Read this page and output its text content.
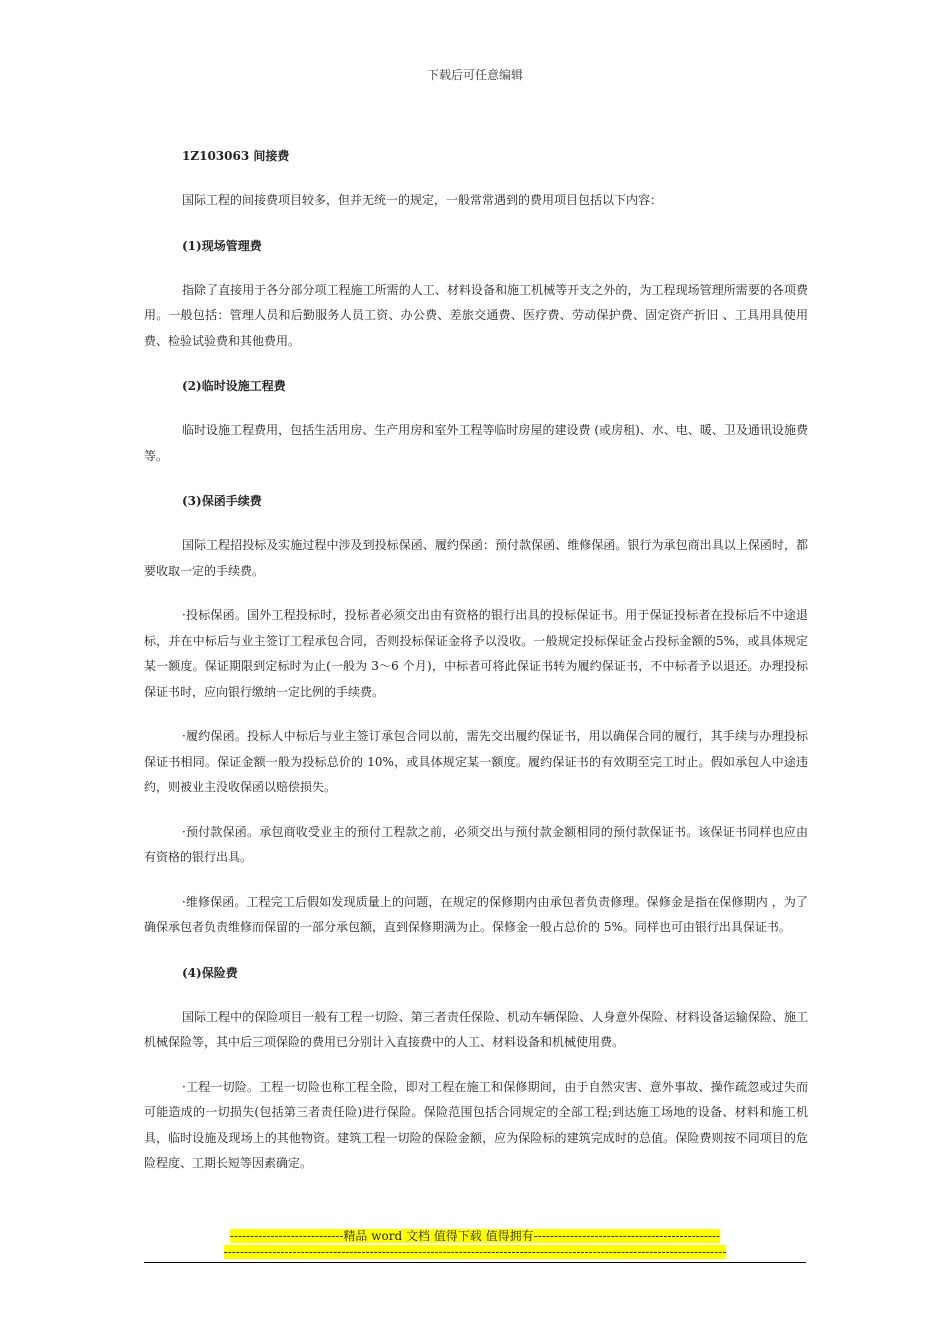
下载后可任意编辑
1Z103063 间接费

国际工程的间接费项目较多，但并无统一的规定，一般常常遇到的费用项目包括以下内容：

(1)现场管理费

指除了直接用于各分部分项工程施工所需的人工、材料设备和施工机械等开支之外的，为工程现场管理所需要的各项费用。一般包括：管理人员和后勤服务人员工资、办公费、差旅交通费、医疗费、劳动保护费、固定资产折旧 、工具用具使用费、检验试验费和其他费用。

(2)临时设施工程费

临时设施工程费用，包括生活用房、生产用房和室外工程等临时房屋的建设费 (或房租)、水、电、暖、卫及通讯设施费等。

(3)保函手续费

国际工程招投标及实施过程中涉及到投标保函、履约保函：预付款保函、维修保函。银行为承包商出具以上保函时，都要收取一定的手续费。

·投标保函。国外工程投标时，投标者必须交出由有资格的银行出具的投标保证书。用于保证投标者在投标后不中途退标，并在中标后与业主签订工程承包合同，否则投标保证金将予以没收。一般规定投标保证金占投标金额的5%，或具体规定某一额度。保证期限到定标时为止(一般为 3～6 个月)，中标者可将此保证书转为履约保证书，不中标者予以退还。办理投标保证书时，应向银行缴纳一定比例的手续费。

·履约保函。投标人中标后与业主签订承包合同以前，需先交出履约保证书，用以确保合同的履行，其手续与办理投标保证书相同。保证金额一般为投标总价的 10%，或具体规定某一额度。履约保证书的有效期至完工时止。假如承包人中途违约，则被业主没收保函以赔偿损失。

·预付款保函。承包商收受业主的预付工程款之前，必须交出与预付款金额相同的预付款保证书。该保证书同样也应由有资格的银行出具。

·维修保函。工程完工后假如发现质量上的问题，在规定的保修期内由承包者负责修理。保修金是指在保修期内 ，为了确保承包者负责维修而保留的一部分承包额，直到保修期满为止。保修金一般占总价的 5%。同样也可由银行出具保证书。

(4)保险费

国际工程中的保险项目一般有工程一切险、第三者责任保险、机动车辆保险、人身意外保险、材料设备运输保险、施工机械保险等，其中后三项保险的费用已分别计入直接费中的人工、材料设备和机械使用费。

·工程一切险。工程一切险也称工程全险，即对工程在施工和保修期间，由于自然灾害、意外事故、操作疏忽或过失而可能造成的一切损失(包括第三者责任险)进行保险。保险范围包括合同规定的全部工程;到达施工场地的设备、材料和施工机具，临时设施及现场上的其他物资。建筑工程一切险的保险金额，应为保险标的建筑完成时的总值。保险费则按不同项目的危险程度、工期长短等因素确定。

----------------------------精品 word 文档 值得下载 值得拥有----------------------------------------------
----------------------------------------------------------------------------------------------------------------------------
